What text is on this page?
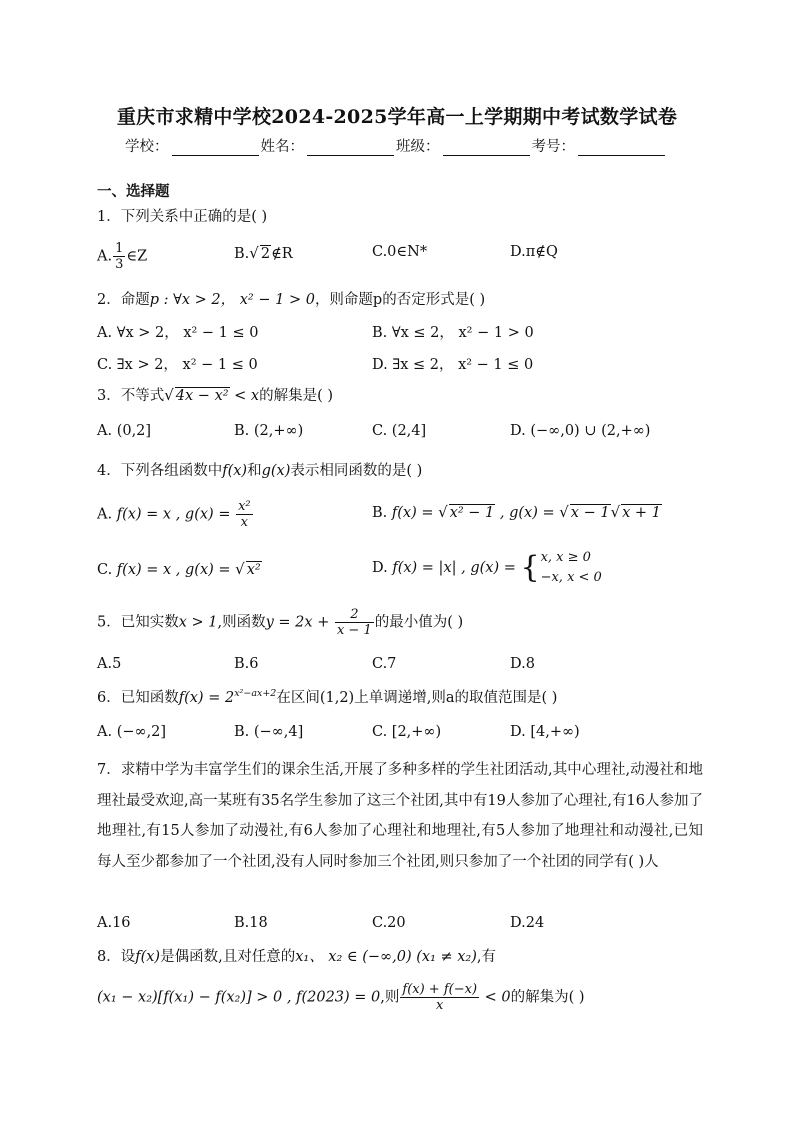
重庆市求精中学校2024-2025学年高一上学期期中考试数学试卷
学校：	姓名：	班级：	考号：
一、选择题
1．下列关系中正确的是( )
A. $\frac{1}{3}$ ∈Z	B.√ 2∉R	C.0∈N*	D.π∉Q
2．命题p : ∀x > 2， x² − 1 > 0，则命题p的否定形式是( )
A. ∀x > 2， x² − 1 ≤ 0	B. ∀x ≤ 2， x² − 1 > 0
C. ∃x > 2， x² − 1 ≤ 0	D. ∃x ≤ 2， x² − 1 ≤ 0
3．不等式√ 4x − x² < x的解集是( )
A. (0,2]	B. (2,+∞)	C. (2,4]	D. (−∞,0) ∪ (2,+∞)
4．下列各组函数中f(x)和g(x)表示相同函数的是( )
A. f(x) = x , $g(x) = \frac{\text{x²}}{x}$	B. f(x) = √ x² − 1 , g(x) = √ x − 1√ x + 1
C. f(x) = x , g(x) = √ x²	D. f(x) = |x| , g(x) = { x, x ≥ 0
−x, x < 0
5．已知实数x > 1,则函数$y = 2x + \frac{2}{x - 1}$ 的最小值为( )
A.5	B.6	C.7	D.8
6．已知函数$f(x) = 2^{x^2-ax+2}$在区间(1,2)上单调递增,则a的取值范围是( )
A. (−∞,2]	B. (−∞,4]	C. [2,+∞)	D. [4,+∞)
7．求精中学为丰富学生们的课余生活,开展了多种多样的学生社团活动,其中心理社,动漫社和地理社最受欢迎,高一某班有35名学生参加了这三个社团,其中有19人参加了心理社,有16人参加了地理社,有15人参加了动漫社,有6人参加了心理社和地理社,有5人参加了地理社和动漫社,已知每人至少都参加了一个社团,没有人同时参加三个社团,则只参加了一个社团的同学有( )人
A.16	B.18	C.20	D.24
8．设f(x)是偶函数,且对任意的x₁、 x₂ ∈ (−∞,0) (x₁ ≠ x₂),有
(x₁ − x₂)[f(x₁) − f(x₂)] > 0 , f(2023) = 0,则 $\frac{f(x) + f(-x)}{x} < 0$的解集为( )
